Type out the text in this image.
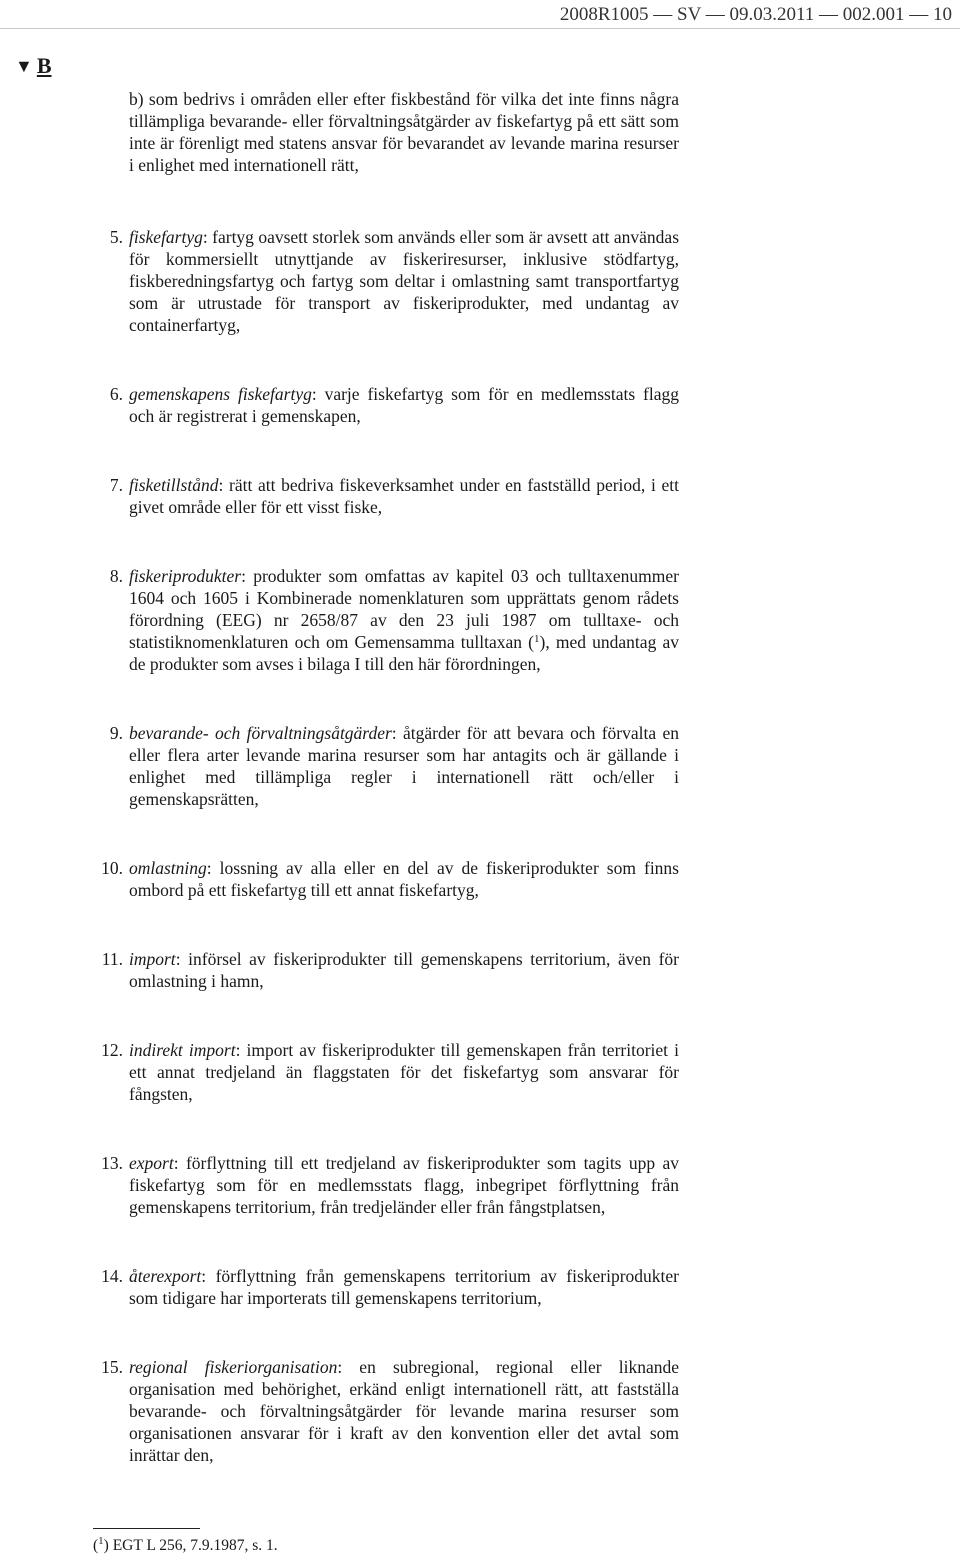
2008R1005 — SV — 09.03.2011 — 002.001 — 10
▼ B
b) som bedrivs i områden eller efter fiskbestånd för vilka det inte finns några tillämpliga bevarande- eller förvaltningsåtgärder av fiskefartyg på ett sätt som inte är förenligt med statens ansvar för bevarandet av levande marina resurser i enlighet med internationell rätt,
5. fiskefartyg: fartyg oavsett storlek som används eller som är avsett att användas för kommersiellt utnyttjande av fiskeriresurser, inklusive stödfartyg, fiskberedningsfartyg och fartyg som deltar i omlastning samt transportfartyg som är utrustade för transport av fiskeriprodukter, med undantag av containerfartyg,
6. gemenskapens fiskefartyg: varje fiskefartyg som för en medlemsstats flagg och är registrerat i gemenskapen,
7. fisketillstånd: rätt att bedriva fiskeverksamhet under en fastställd period, i ett givet område eller för ett visst fiske,
8. fiskeriprodukter: produkter som omfattas av kapitel 03 och tulltaxenummer 1604 och 1605 i Kombinerade nomenklaturen som upprättats genom rådets förordning (EEG) nr 2658/87 av den 23 juli 1987 om tulltaxe- och statistiknomenklaturen och om Gemensamma tulltaxan ($^1$), med undantag av de produkter som avses i bilaga I till den här förordningen,
9. bevarande- och förvaltningsåtgärder: åtgärder för att bevara och förvalta en eller flera arter levande marina resurser som har antagits och är gällande i enlighet med tillämpliga regler i internationell rätt och/eller i gemenskapsrätten,
10. omlastning: lossning av alla eller en del av de fiskeriprodukter som finns ombord på ett fiskefartyg till ett annat fiskefartyg,
11. import: införsel av fiskeriprodukter till gemenskapens territorium, även för omlastning i hamn,
12. indirekt import: import av fiskeriprodukter till gemenskapen från territoriet i ett annat tredjeland än flaggstaten för det fiskefartyg som ansvarar för fångsten,
13. export: förflyttning till ett tredjeland av fiskeriprodukter som tagits upp av fiskefartyg som för en medlemsstats flagg, inbegripet förflyttning från gemenskapens territorium, från tredjeländer eller från fångstplatsen,
14. återexport: förflyttning från gemenskapens territorium av fiskeriprodukter som tidigare har importerats till gemenskapens territorium,
15. regional fiskeriorganisation: en subregional, regional eller liknande organisation med behörighet, erkänd enligt internationell rätt, att fastställa bevarande- och förvaltningsåtgärder för levande marina resurser som organisationen ansvarar för i kraft av den konvention eller det avtal som inrättar den,
($^1$) EGT L 256, 7.9.1987, s. 1.
